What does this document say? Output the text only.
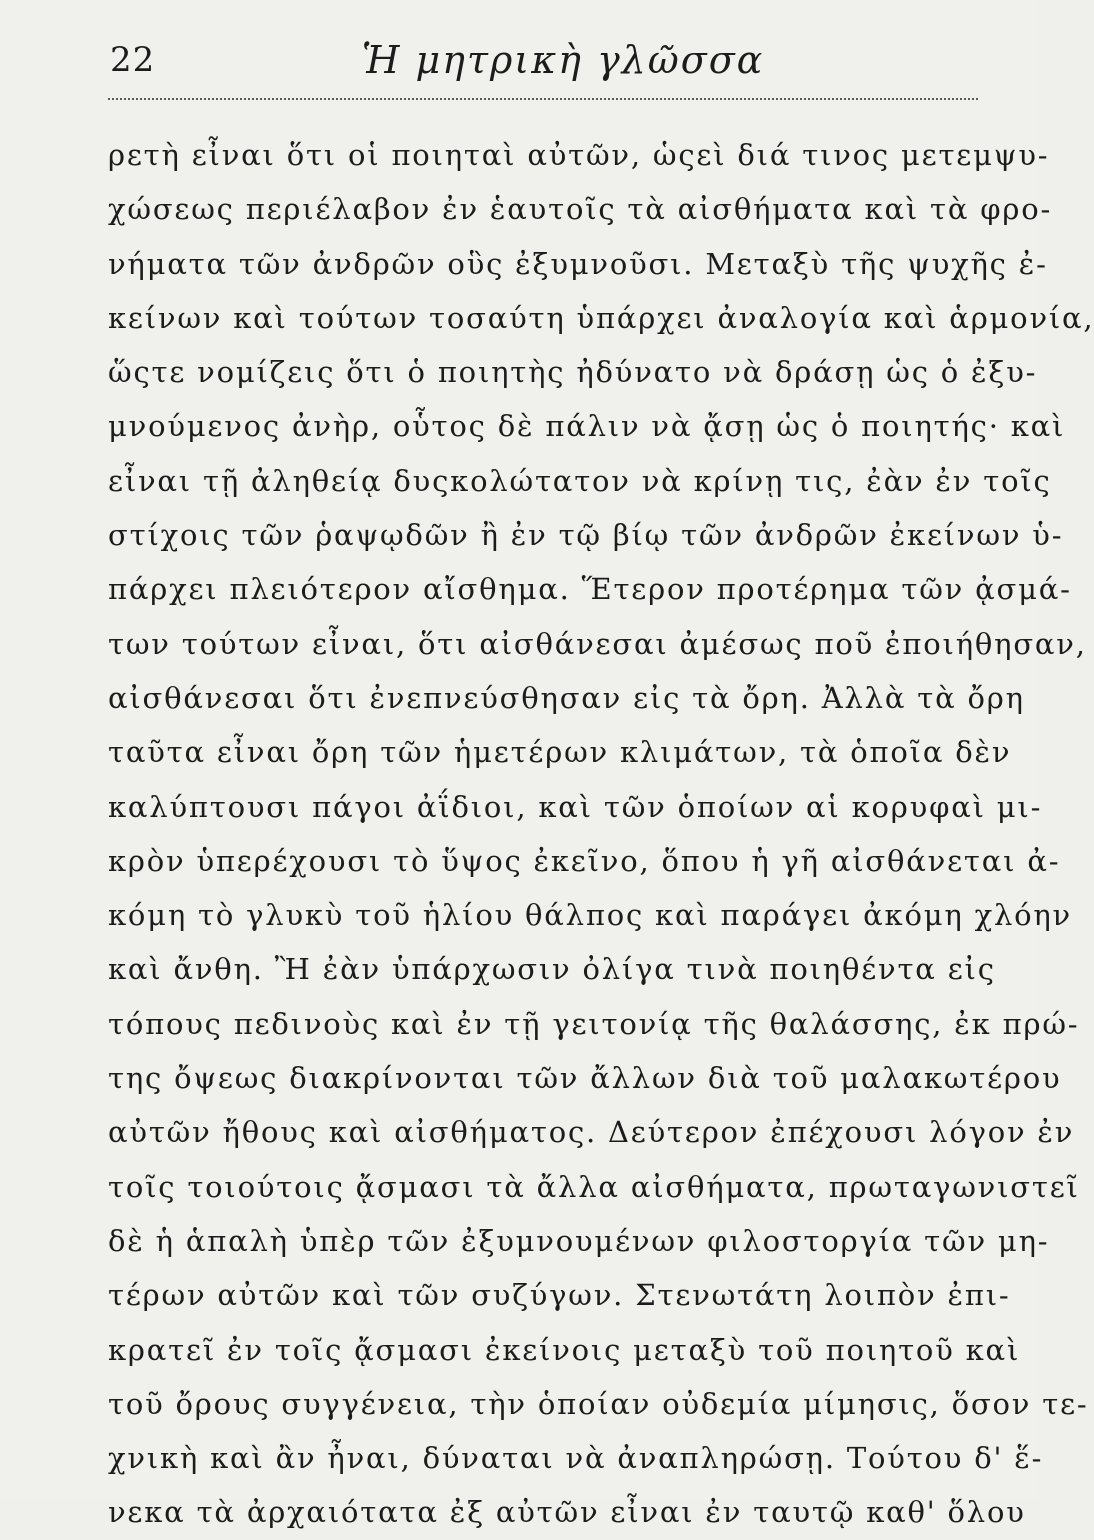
22	Ἡ μητρικὴ γλῶσσα
ρετὴ εἶναι ὅτι οἱ ποιηταὶ αὐτῶν, ὡςεὶ διά τινος μετεμψυ-
χώσεως περιέλαβον ἐν ἑαυτοῖς τὰ αἰσθήματα καὶ τὰ φρο-
νήματα τῶν ἀνδρῶν οὓς ἐξυμνοῦσι. Μεταξὺ τῆς ψυχῆς ἐ-
κείνων καὶ τούτων τοσαύτη ὑπάρχει ἀναλογία καὶ ἁρμονία,
ὥςτε νομίζεις ὅτι ὁ ποιητὴς ἠδύνατο νὰ δράσῃ ὡς ὁ ἐξυ-
μνούμενος ἀνὴρ, οὗτος δὲ πάλιν νὰ ᾄσῃ ὡς ὁ ποιητής· καὶ
εἶναι τῇ ἀληθείᾳ δυςκολώτατον νὰ κρίνῃ τις, ἐὰν ἐν τοῖς
στίχοις τῶν ῥαψῳδῶν ἢ ἐν τῷ βίῳ τῶν ἀνδρῶν ἐκείνων ὑ-
πάρχει πλειότερον αἴσθημα. Ἕτερον προτέρημα τῶν ᾀσμά-
των τούτων εἶναι, ὅτι αἰσθάνεσαι ἀμέσως ποῦ ἐποιήθησαν,
αἰσθάνεσαι ὅτι ἐνεπνεύσθησαν εἰς τὰ ὄρη. Ἀλλὰ τὰ ὄρη
ταῦτα εἶναι ὄρη τῶν ἡμετέρων κλιμάτων, τὰ ὁποῖα δὲν
καλύπτουσι πάγοι ἀΐδιοι, καὶ τῶν ὁποίων αἱ κορυφαὶ μι-
κρὸν ὑπερέχουσι τὸ ὕψος ἐκεῖνο, ὅπου ἡ γῆ αἰσθάνεται ἀ-
κόμη τὸ γλυκὺ τοῦ ἡλίου θάλπος καὶ παράγει ἀκόμη χλόην
καὶ ἄνθη. Ἢ ἐὰν ὑπάρχωσιν ὀλίγα τινὰ ποιηθέντα εἰς
τόπους πεδινοὺς καὶ ἐν τῇ γειτονίᾳ τῆς θαλάσσης, ἐκ πρώ-
της ὄψεως διακρίνονται τῶν ἄλλων διὰ τοῦ μαλακωτέρου
αὐτῶν ἤθους καὶ αἰσθήματος. Δεύτερον ἐπέχουσι λόγον ἐν
τοῖς τοιούτοις ᾄσμασι τὰ ἄλλα αἰσθήματα, πρωταγωνιστεῖ
δὲ ἡ ἁπαλὴ ὑπὲρ τῶν ἐξυμνουμένων φιλοστοργία τῶν μη-
τέρων αὐτῶν καὶ τῶν συζύγων. Στενωτάτη λοιπὸν ἐπι-
κρατεῖ ἐν τοῖς ᾄσμασι ἐκείνοις μεταξὺ τοῦ ποιητοῦ καὶ
τοῦ ὄρους συγγένεια, τὴν ὁποίαν οὐδεμία μίμησις, ὅσον τε-
χνικὴ καὶ ἂν ἦναι, δύναται νὰ ἀναπληρώσῃ. Τούτου δ' ἕ-
νεκα τὰ ἀρχαιότατα ἐξ αὐτῶν εἶναι ἐν ταυτῷ καθ' ὅλου
